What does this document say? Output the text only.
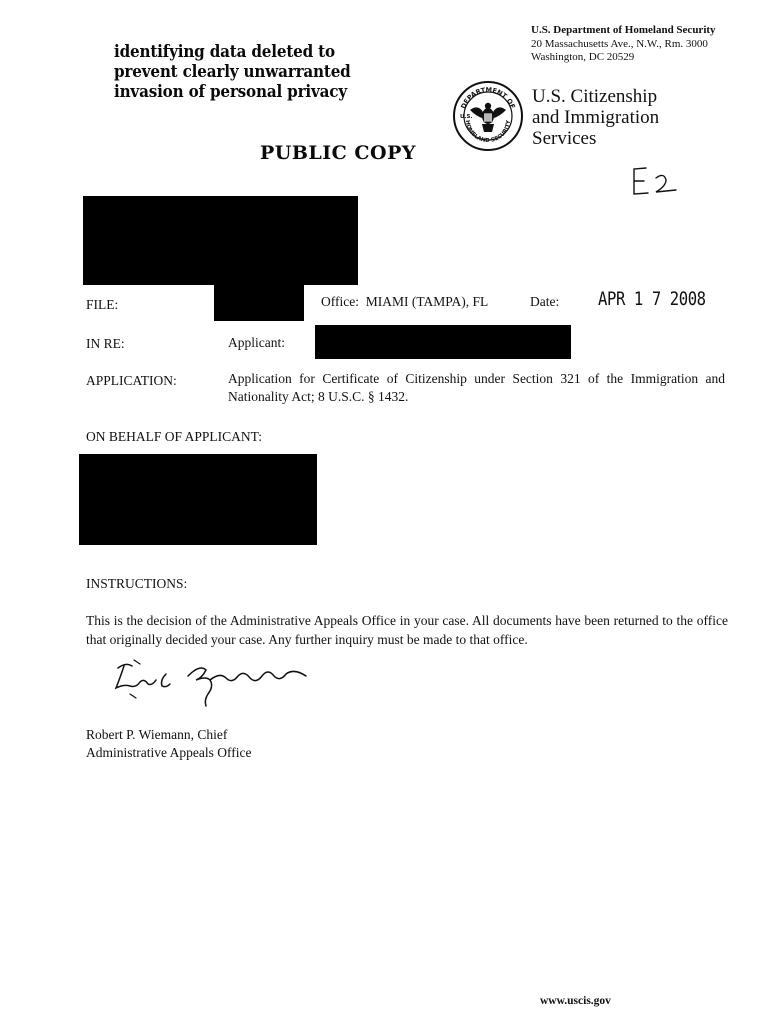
identifying data deleted to
prevent clearly unwarranted
invasion of personal privacy
PUBLIC COPY
U.S. Department of Homeland Security
20 Massachusetts Ave., N.W., Rm. 3000
Washington, DC 20529
DEPARTMENT OF
HOMELAND SECURITY
U.S.
U.S. Citizenship
and Immigration
Services
FILE:	Office: MIAMI (TAMPA), FL	Date: APR 1 7 2008
IN RE:	Applicant:
APPLICATION:	Application for Certificate of Citizenship under Section 321 of the Immigration and Nationality Act; 8 U.S.C. § 1432.
ON BEHALF OF APPLICANT:
INSTRUCTIONS:
This is the decision of the Administrative Appeals Office in your case. All documents have been returned to the office that originally decided your case. Any further inquiry must be made to that office.
Robert P. Wiemann, Chief
Administrative Appeals Office
www.uscis.gov
